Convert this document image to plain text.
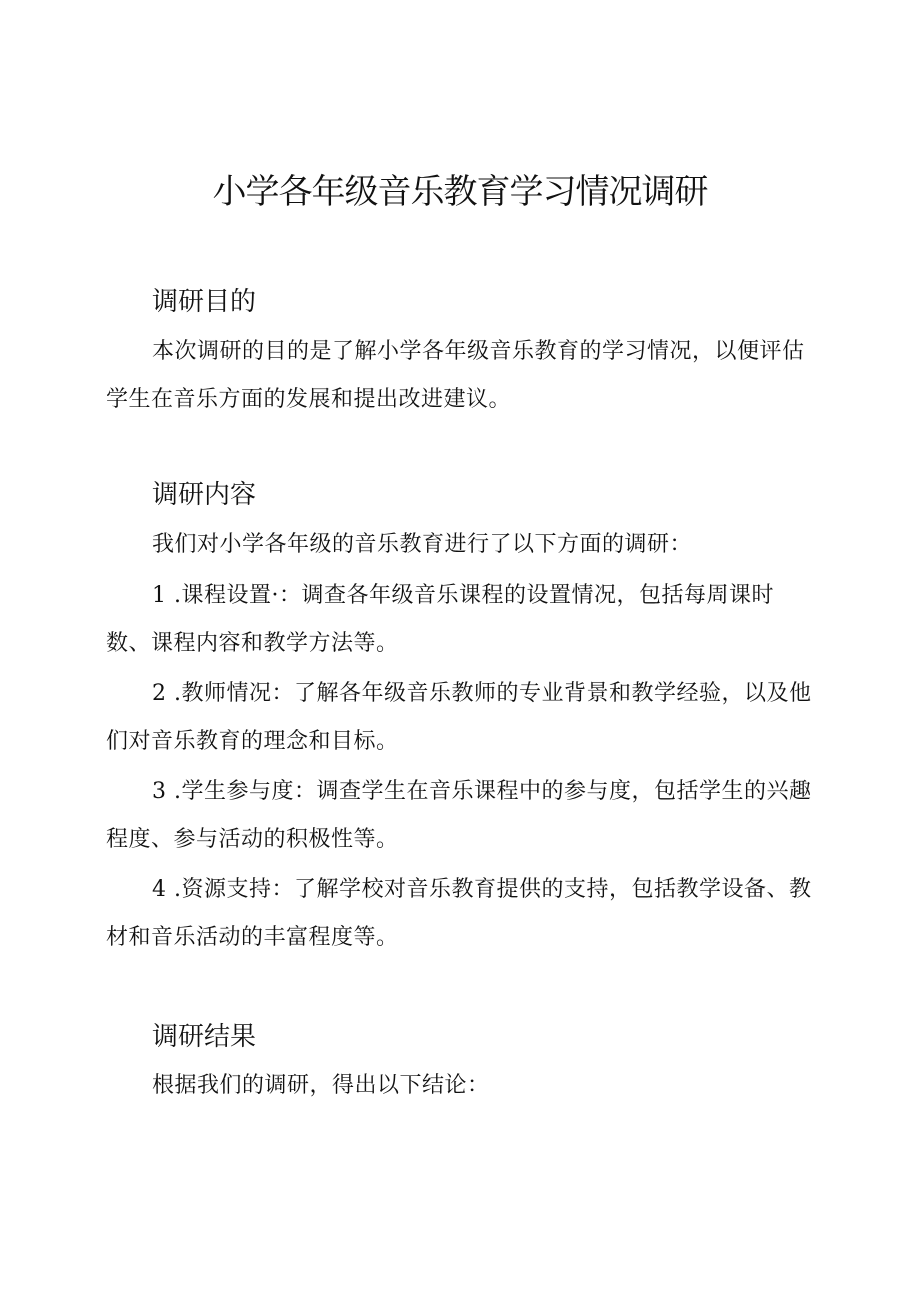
小学各年级音乐教育学习情况调研
调研目的

本次调研的目的是了解小学各年级音乐教育的学习情况，以便评估学生在音乐方面的发展和提出改进建议。

调研内容

我们对小学各年级的音乐教育进行了以下方面的调研：

1 .课程设置·：调查各年级音乐课程的设置情况，包括每周课时数、课程内容和教学方法等。

2 .教师情况：了解各年级音乐教师的专业背景和教学经验，以及他们对音乐教育的理念和目标。

3 .学生参与度：调查学生在音乐课程中的参与度，包括学生的兴趣程度、参与活动的积极性等。

4 .资源支持：了解学校对音乐教育提供的支持，包括教学设备、教材和音乐活动的丰富程度等。

调研结果

根据我们的调研，得出以下结论：
